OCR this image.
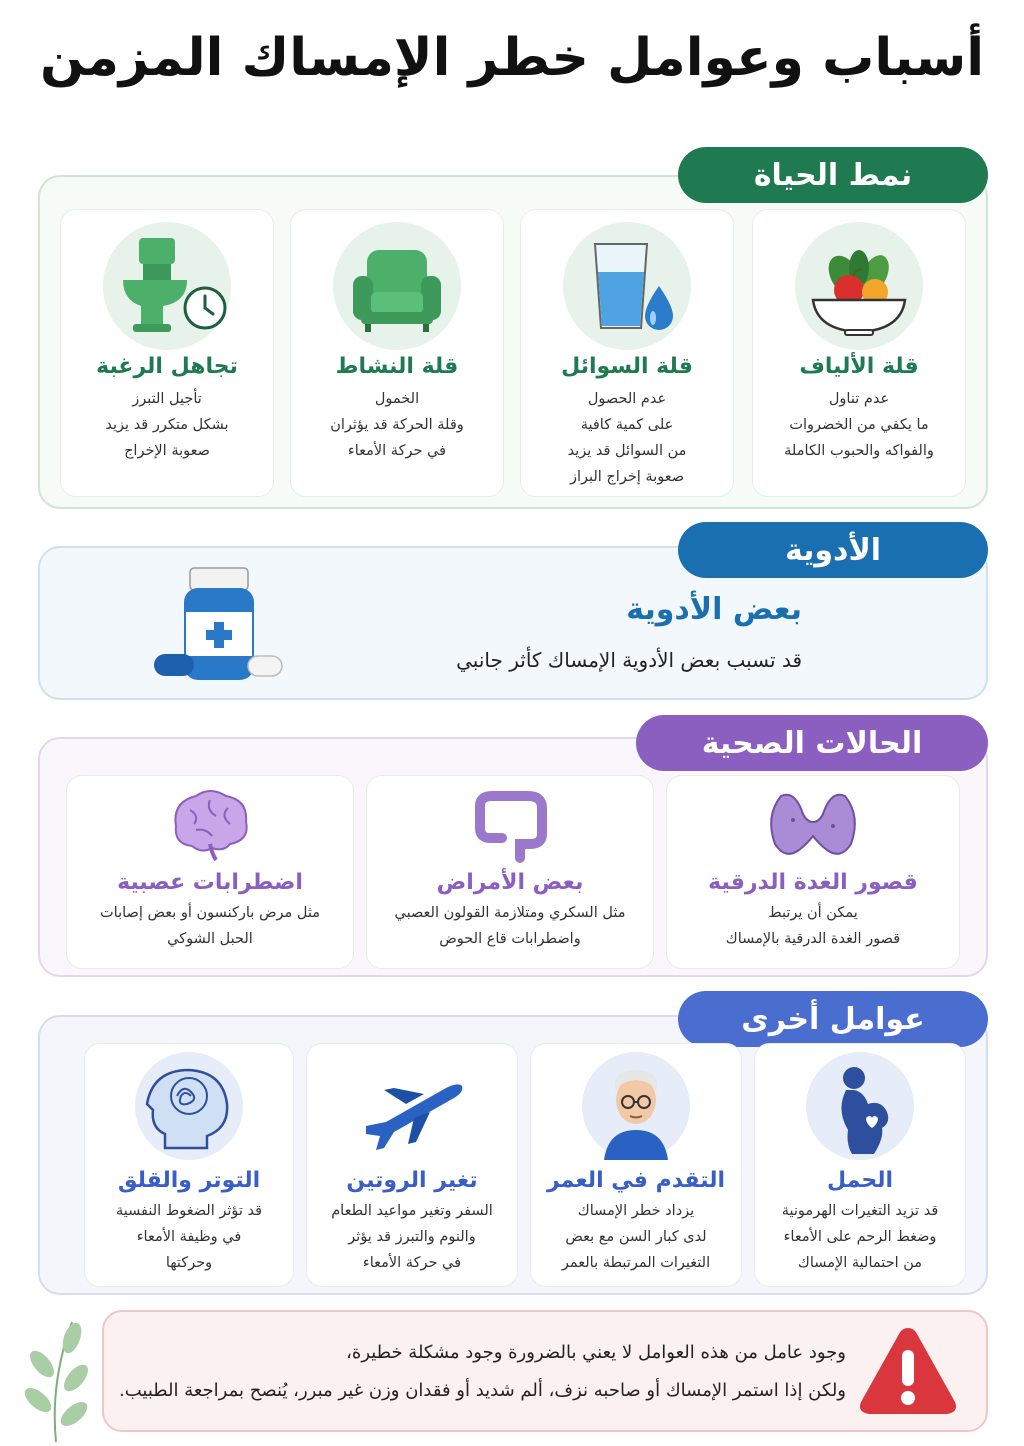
أسباب وعوامل خطر الإمساك المزمن
نمط الحياة
قلة الألياف
عدم تناول
ما يكفي من الخضروات
والفواكه والحبوب الكاملة
قلة السوائل
عدم الحصول
على كمية كافية
من السوائل قد يزيد
صعوبة إخراج البراز
قلة النشاط
الخمول
وقلة الحركة قد يؤثران
في حركة الأمعاء
تجاهل الرغبة
تأجيل التبرز
بشكل متكرر قد يزيد
صعوبة الإخراج
الأدوية
بعض الأدوية
قد تسبب بعض الأدوية الإمساك كأثر جانبي
الحالات الصحية
قصور الغدة الدرقية
يمكن أن يرتبط
قصور الغدة الدرقية بالإمساك
بعض الأمراض
مثل السكري ومتلازمة القولون العصبي
واضطرابات قاع الحوض
اضطرابات عصبية
مثل مرض باركنسون أو بعض إصابات
الحبل الشوكي
عوامل أخرى
الحمل
قد تزيد التغيرات الهرمونية
وضغط الرحم على الأمعاء
من احتمالية الإمساك
التقدم في العمر
يزداد خطر الإمساك
لدى كبار السن مع بعض
التغيرات المرتبطة بالعمر
تغير الروتين
السفر وتغير مواعيد الطعام
والنوم والتبرز قد يؤثر
في حركة الأمعاء
التوتر والقلق
قد تؤثر الضغوط النفسية
في وظيفة الأمعاء
وحركتها
وجود عامل من هذه العوامل لا يعني بالضرورة وجود مشكلة خطيرة،
ولكن إذا استمر الإمساك أو صاحبه نزف، ألم شديد أو فقدان وزن غير مبرر، يُنصح بمراجعة الطبيب.
